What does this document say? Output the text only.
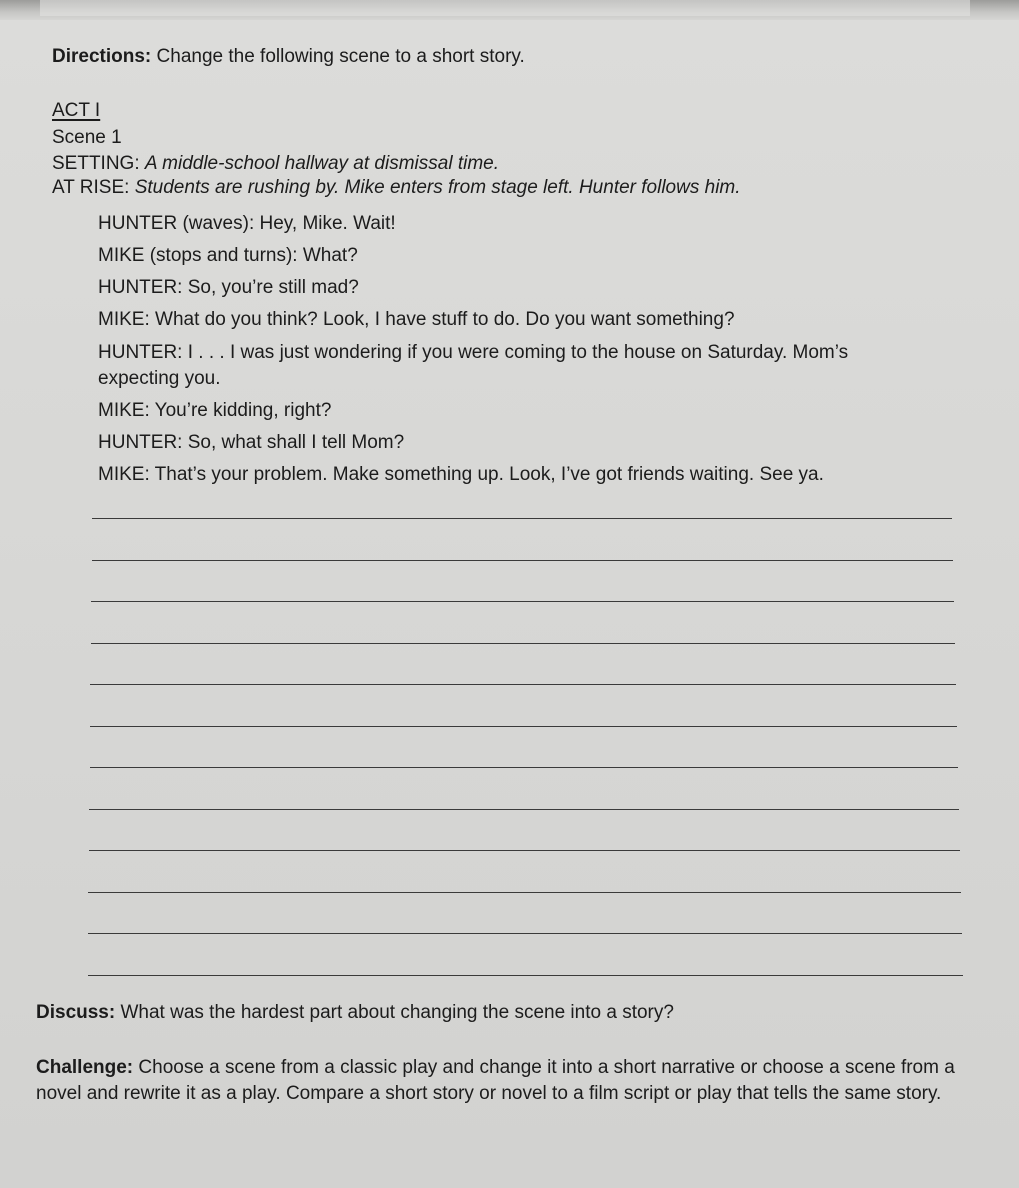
Directions: Change the following scene to a short story.
ACT I
Scene 1
SETTING: A middle-school hallway at dismissal time.
AT RISE: Students are rushing by. Mike enters from stage left. Hunter follows him.
HUNTER (waves): Hey, Mike. Wait!
MIKE (stops and turns): What?
HUNTER: So, you’re still mad?
MIKE: What do you think? Look, I have stuff to do. Do you want something?
HUNTER: I . . . I was just wondering if you were coming to the house on Saturday. Mom’s
expecting you.
MIKE: You’re kidding, right?
HUNTER: So, what shall I tell Mom?
MIKE: That’s your problem. Make something up. Look, I’ve got friends waiting. See ya.
Discuss: What was the hardest part about changing the scene into a story?
Challenge: Choose a scene from a classic play and change it into a short narrative or choose a scene from a novel and rewrite it as a play. Compare a short story or novel to a film script or play that tells the same story.
